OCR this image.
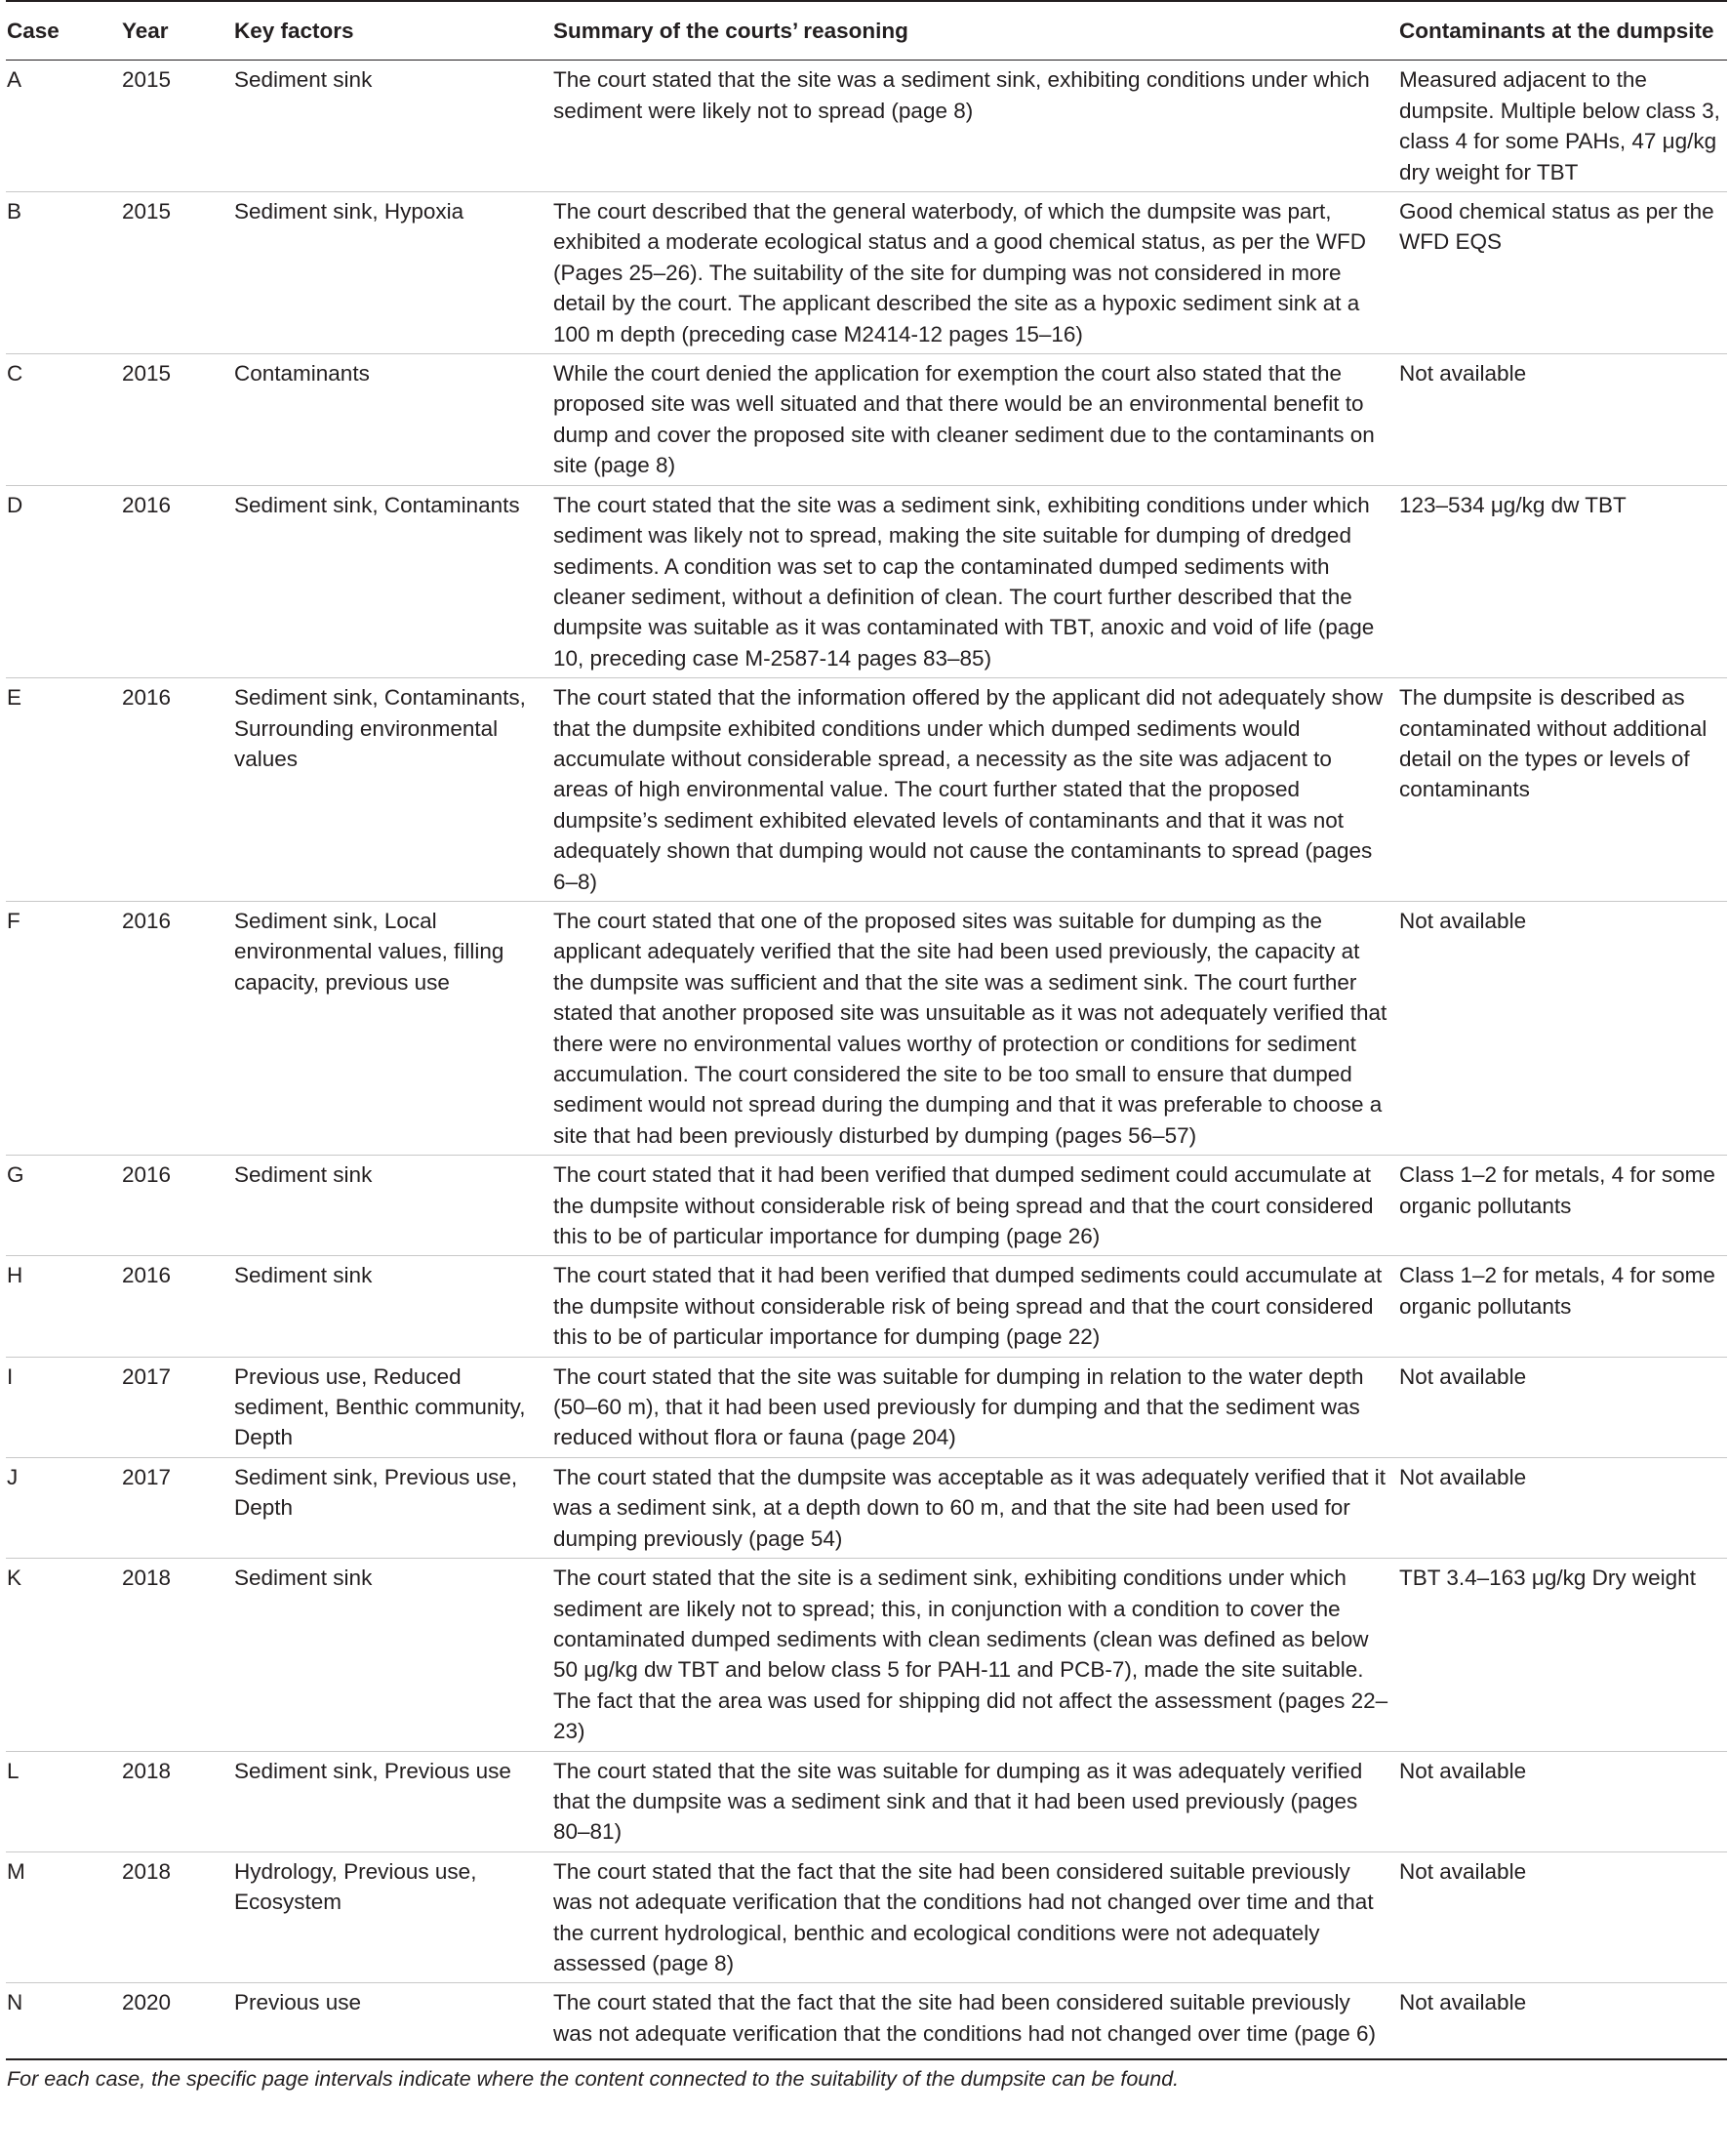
Case	Year	Key factors	Summary of the courts’ reasoning	Contaminants at the dumpsite
A	2015	Sediment sink	The court stated that the site was a sediment sink, exhibiting conditions under which sediment were likely not to spread (page 8)	Measured adjacent to the dumpsite. Multiple below class 3, class 4 for some PAHs, 47 μg/kg dry weight for TBT
B	2015	Sediment sink, Hypoxia	The court described that the general waterbody, of which the dumpsite was part, exhibited a moderate ecological status and a good chemical status, as per the WFD (Pages 25–26). The suitability of the site for dumping was not considered in more detail by the court. The applicant described the site as a hypoxic sediment sink at a 100 m depth (preceding case M2414-12 pages 15–16)	Good chemical status as per the WFD EQS
C	2015	Contaminants	While the court denied the application for exemption the court also stated that the proposed site was well situated and that there would be an environmental benefit to dump and cover the proposed site with cleaner sediment due to the contaminants on site (page 8)	Not available
D	2016	Sediment sink, Contaminants	The court stated that the site was a sediment sink, exhibiting conditions under which sediment was likely not to spread, making the site suitable for dumping of dredged sediments. A condition was set to cap the contaminated dumped sediments with cleaner sediment, without a definition of clean. The court further described that the dumpsite was suitable as it was contaminated with TBT, anoxic and void of life (page 10, preceding case M-2587-14 pages 83–85)	123–534 μg/kg dw TBT
E	2016	Sediment sink, Contaminants, Surrounding environmental values	The court stated that the information offered by the applicant did not adequately show that the dumpsite exhibited conditions under which dumped sediments would accumulate without considerable spread, a necessity as the site was adjacent to areas of high environmental value. The court further stated that the proposed dumpsite’s sediment exhibited elevated levels of contaminants and that it was not adequately shown that dumping would not cause the contaminants to spread (pages 6–8)	The dumpsite is described as contaminated without additional detail on the types or levels of contaminants
F	2016	Sediment sink, Local environmental values, filling capacity, previous use	The court stated that one of the proposed sites was suitable for dumping as the applicant adequately verified that the site had been used previously, the capacity at the dumpsite was sufficient and that the site was a sediment sink. The court further stated that another proposed site was unsuitable as it was not adequately verified that there were no environmental values worthy of protection or conditions for sediment accumulation. The court considered the site to be too small to ensure that dumped sediment would not spread during the dumping and that it was preferable to choose a site that had been previously disturbed by dumping (pages 56–57)	Not available
G	2016	Sediment sink	The court stated that it had been verified that dumped sediment could accumulate at the dumpsite without considerable risk of being spread and that the court considered this to be of particular importance for dumping (page 26)	Class 1–2 for metals, 4 for some organic pollutants
H	2016	Sediment sink	The court stated that it had been verified that dumped sediments could accumulate at the dumpsite without considerable risk of being spread and that the court considered this to be of particular importance for dumping (page 22)	Class 1–2 for metals, 4 for some organic pollutants
I	2017	Previous use, Reduced sediment, Benthic community, Depth	The court stated that the site was suitable for dumping in relation to the water depth (50–60 m), that it had been used previously for dumping and that the sediment was reduced without flora or fauna (page 204)	Not available
J	2017	Sediment sink, Previous use, Depth	The court stated that the dumpsite was acceptable as it was adequately verified that it was a sediment sink, at a depth down to 60 m, and that the site had been used for dumping previously (page 54)	Not available
K	2018	Sediment sink	The court stated that the site is a sediment sink, exhibiting conditions under which sediment are likely not to spread; this, in conjunction with a condition to cover the contaminated dumped sediments with clean sediments (clean was defined as below 50 μg/kg dw TBT and below class 5 for PAH-11 and PCB-7), made the site suitable. The fact that the area was used for shipping did not affect the assessment (pages 22–23)	TBT 3.4–163 μg/kg Dry weight
L	2018	Sediment sink, Previous use	The court stated that the site was suitable for dumping as it was adequately verified that the dumpsite was a sediment sink and that it had been used previously (pages 80–81)	Not available
M	2018	Hydrology, Previous use, Ecosystem	The court stated that the fact that the site had been considered suitable previously was not adequate verification that the conditions had not changed over time and that the current hydrological, benthic and ecological conditions were not adequately assessed (page 8)	Not available
N	2020	Previous use	The court stated that the fact that the site had been considered suitable previously was not adequate verification that the conditions had not changed over time (page 6)	Not available
For each case, the specific page intervals indicate where the content connected to the suitability of the dumpsite can be found.
